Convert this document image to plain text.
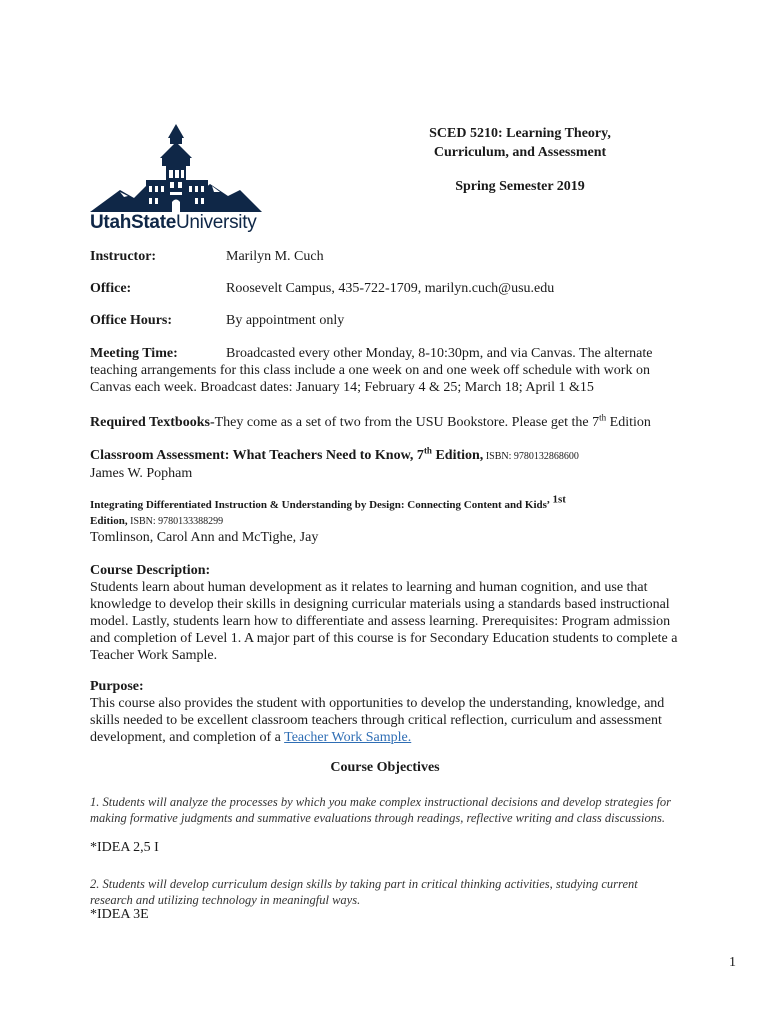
UtahStateUniversity
SCED 5210: Learning Theory,
Curriculum, and Assessment
Spring Semester 2019
Instructor:	Marilyn M. Cuch
Office:	Roosevelt Campus, 435-722-1709, marilyn.cuch@usu.edu
Office Hours:	By appointment only
Meeting Time:	Broadcasted every other Monday, 8-10:30pm, and via Canvas. The alternate teaching arrangements for this class include a one week on and one week off schedule with work on Canvas each week. Broadcast dates: January 14; February 4 & 25; March 18; April 1 &15
Required Textbooks-They come as a set of two from the USU Bookstore. Please get the 7th Edition
Classroom Assessment: What Teachers Need to Know, 7th Edition, ISBN: 9780132868600
James W. Popham
Integrating Differentiated Instruction & Understanding by Design: Connecting Content and Kids$^{, 1st}$
Edition, ISBN: 9780133388299
Tomlinson, Carol Ann and McTighe, Jay
Course Description:
Students learn about human development as it relates to learning and human cognition, and use that knowledge to develop their skills in designing curricular materials using a standards based instructional model. Lastly, students learn how to differentiate and assess learning. Prerequisites: Program admission and completion of Level 1. A major part of this course is for Secondary Education students to complete a Teacher Work Sample.
Purpose:
This course also provides the student with opportunities to develop the understanding, knowledge, and skills needed to be excellent classroom teachers through critical reflection, curriculum and assessment development, and completion of a Teacher Work Sample.
Course Objectives
1. Students will analyze the processes by which you make complex instructional decisions and develop strategies for making formative judgments and summative evaluations through readings, reflective writing and class discussions.
*IDEA 2,5 I
2. Students will develop curriculum design skills by taking part in critical thinking activities, studying current research and utilizing technology in meaningful ways.
*IDEA 3E
1
